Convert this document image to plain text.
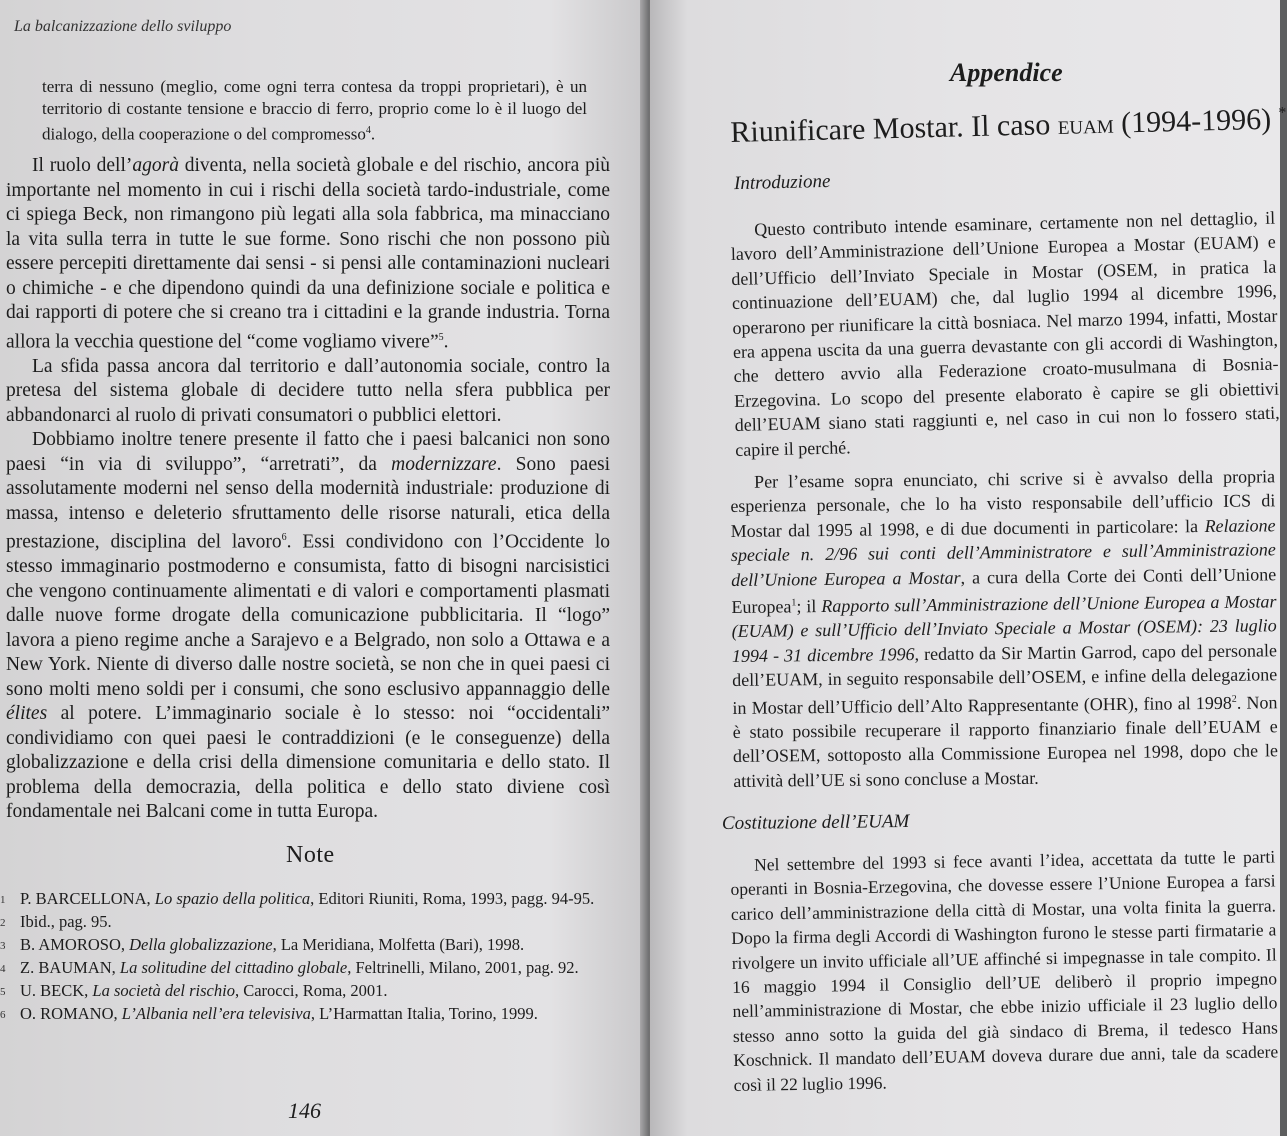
La balcanizzazione dello sviluppo
terra di nessuno (meglio, come ogni terra contesa da troppi proprietari), è un territorio di costante tensione e braccio di ferro, proprio come lo è il luogo del dialogo, della cooperazione o del compromesso$^4$.

Il ruolo dell’agorà diventa, nella società globale e del rischio, ancora più importante nel momento in cui i rischi della società tardo-industriale, come ci spiega Beck, non rimangono più legati alla sola fabbrica, ma minacciano la vita sulla terra in tutte le sue forme. Sono rischi che non possono più essere percepiti direttamente dai sensi - si pensi alle contaminazioni nucleari o chimiche - e che dipendono quindi da una definizione sociale e politica e dai rapporti di potere che si creano tra i cittadini e la grande industria. Torna allora la vecchia questione del “come vogliamo vivere”$^5$.

La sfida passa ancora dal territorio e dall’autonomia sociale, contro la pretesa del sistema globale di decidere tutto nella sfera pubblica per abbandonarci al ruolo di privati consumatori o pubblici elettori.

Dobbiamo inoltre tenere presente il fatto che i paesi balcanici non sono paesi “in via di sviluppo”, “arretrati”, da modernizzare. Sono paesi assolutamente moderni nel senso della modernità industriale: produzione di massa, intenso e deleterio sfruttamento delle risorse naturali, etica della prestazione, disciplina del lavoro$^6$. Essi condividono con l’Occidente lo stesso immaginario postmoderno e consumista, fatto di bisogni narcisistici che vengono continuamente alimentati e di valori e comportamenti plasmati dalle nuove forme drogate della comunicazione pubblicitaria. Il “logo” lavora a pieno regime anche a Sarajevo e a Belgrado, non solo a Ottawa e a New York. Niente di diverso dalle nostre società, se non che in quei paesi ci sono molti meno soldi per i consumi, che sono esclusivo appannaggio delle élites al potere. L’immaginario sociale è lo stesso: noi “occidentali” condividiamo con quei paesi le contraddizioni (e le conseguenze) della globalizzazione e della crisi della dimensione comunitaria e dello stato. Il problema della democrazia, della politica e dello stato diviene così fondamentale nei Balcani come in tutta Europa.

Note
1 P. BARCELLONA, Lo spazio della politica, Editori Riuniti, Roma, 1993, pagg. 94-95.
2 Ibid., pag. 95.
3 B. AMOROSO, Della globalizzazione, La Meridiana, Molfetta (Bari), 1998.
4 Z. BAUMAN, La solitudine del cittadino globale, Feltrinelli, Milano, 2001, pag. 92.
5 U. BECK, La società del rischio, Carocci, Roma, 2001.
6 O. ROMANO, L’Albania nell’era televisiva, L’Harmattan Italia, Torino, 1999.
146
Appendice
Riunificare Mostar. Il caso EUAM (1994-1996) *
Introduzione

Questo contributo intende esaminare, certamente non nel dettaglio, il lavoro dell’Amministrazione dell’Unione Europea a Mostar (EUAM) e dell’Ufficio dell’Inviato Speciale in Mostar (OSEM, in pratica la continuazione dell’EUAM) che, dal luglio 1994 al dicembre 1996, operarono per riunificare la città bosniaca. Nel marzo 1994, infatti, Mostar era appena uscita da una guerra devastante con gli accordi di Washington, che dettero avvio alla Federazione croato-musulmana di Bosnia-Erzegovina. Lo scopo del presente elaborato è capire se gli obiettivi dell’EUAM siano stati raggiunti e, nel caso in cui non lo fossero stati, capire il perché.

Per l’esame sopra enunciato, chi scrive si è avvalso della propria esperienza personale, che lo ha visto responsabile dell’ufficio ICS di Mostar dal 1995 al 1998, e di due documenti in particolare: la Relazione speciale n. 2/96 sui conti dell’Amministratore e sull’Amministrazione dell’Unione Europea a Mostar, a cura della Corte dei Conti dell’Unione Europea$^1$; il Rapporto sull’Amministrazione dell’Unione Europea a Mostar (EUAM) e sull’Ufficio dell’Inviato Speciale a Mostar (OSEM): 23 luglio 1994 - 31 dicembre 1996, redatto da Sir Martin Garrod, capo del personale dell’EUAM, in seguito responsabile dell’OSEM, e infine della delegazione in Mostar dell’Ufficio dell’Alto Rappresentante (OHR), fino al 1998$^2$. Non è stato possibile recuperare il rapporto finanziario finale dell’EUAM e dell’OSEM, sottoposto alla Commissione Europea nel 1998, dopo che le attività dell’UE si sono concluse a Mostar.

Costituzione dell’EUAM

Nel settembre del 1993 si fece avanti l’idea, accettata da tutte le parti operanti in Bosnia-Erzegovina, che dovesse essere l’Unione Europea a farsi carico dell’amministrazione della città di Mostar, una volta finita la guerra. Dopo la firma degli Accordi di Washington furono le stesse parti firmatarie a rivolgere un invito ufficiale all’UE affinché si impegnasse in tale compito. Il 16 maggio 1994 il Consiglio dell’UE deliberò il proprio impegno nell’amministrazione di Mostar, che ebbe inizio ufficiale il 23 luglio dello stesso anno sotto la guida del già sindaco di Brema, il tedesco Hans Koschnick. Il mandato dell’EUAM doveva durare due anni, tale da scadere così il 22 luglio 1996.
